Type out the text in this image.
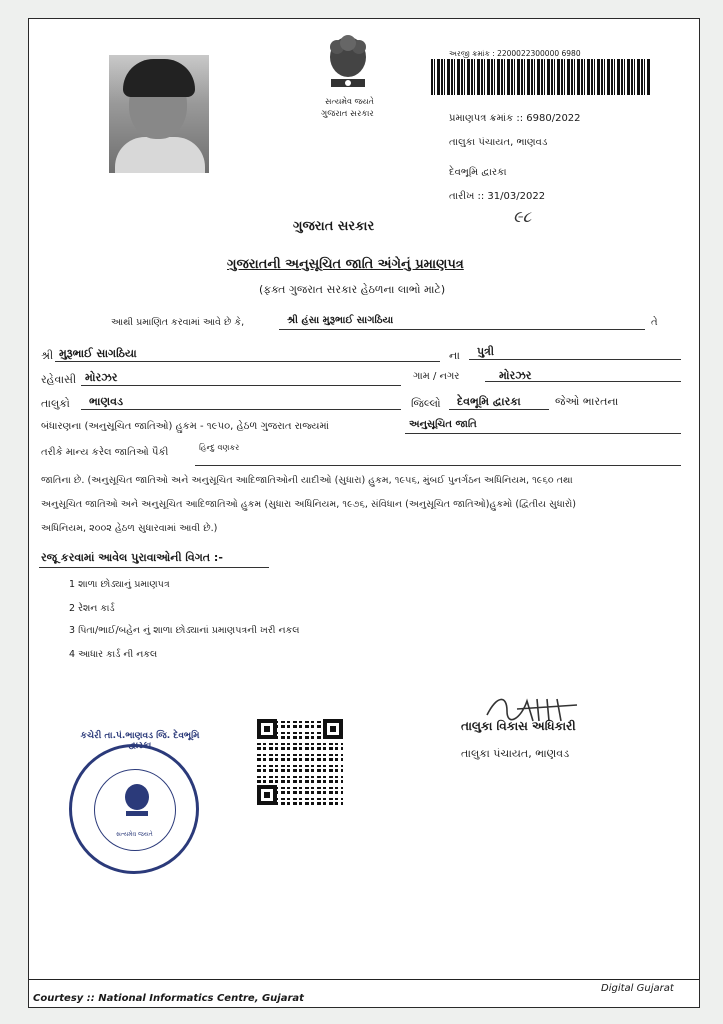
સત્યમેવ જયતે
ગુજરાત સરકાર
અરજી ક્રમાંક : 2200022300000 6980
પ્રમાણપત્ર ક્રમાંક :: 6980/2022
તાલુકા પંચાયત, ભાણવડ
દેવભૂમિ દ્વારકા
તારીખ :: 31/03/2022
૯૮
ગુજરાત સરકાર
ગુજરાતની અનુસૂચિત જાતિ અંગેનું પ્રમાણપત્ર
(ફક્ત ગુજરાત સરકાર હેઠળના લાભો માટે)
આથી પ્રમાણિત કરવામાં આવે છે કે,	શ્રી હંસા મુરૂભાઈ સાગઠિયા	તે
શ્રી મુરૂભાઈ સાગઠિયા	ના પુત્રી
રહેવાસી મોરઝર	ગામ / નગર	મોરઝર
તાલુકો ભાણવડ	જિલ્લો દેવભૂમિ દ્વારકા	જેઓ ભારતના
બંધારણના (અનુસૂચિત જાતિઓ) હુકમ - ૧૯૫૦, હેઠળ ગુજરાત રાજ્યમાં	અનુસૂચિત જાતિ
તરીકે માન્ય કરેલ જાતિઓ પૈકી	હિન્દુ વણકર
જાતિના છે. (અનુસૂચિત જાતિઓ અને અનુસૂચિત આદિજાતિઓની યાદીઓ (સુધારા) હુકમ, ૧૯૫૬, મુંબઈ પુનર્ગઠન અધિનિયમ, ૧૯૬૦ તથા
અનુસૂચિત જાતિઓ અને અનુસૂચિત આદિજાતિઓ હુકમ (સુધારા અધિનિયમ, ૧૯૭૬, સંવિધાન (અનુસૂચિત જાતિઓ)હુકમો (દ્વિતીય સુધારો)
અધિનિયમ, ૨૦૦૨ હેઠળ સુધારવામાં આવી છે.)
રજૂ કરવામાં આવેલ પુરાવાઓની વિગત :-
1 શાળા છોડ્યાનું પ્રમાણપત્ર
2 રેશન કાર્ડ
3 પિતા/ભાઈ/બહેન નું શાળા છોડ્યાનાં પ્રમાણપત્રની ખરી નકલ
4 આધાર કાર્ડ ની નકલ
તાલુકા વિકાસ અધિકારી
તાલુકા પંચાયત, ભાણવડ
સત્યમેવ જયતે
કચેરી તા.પં.ભાણવડ જિ. દેવભૂમિ દ્વારકા
Courtesy :: National Informatics Centre, Gujarat
Digital Gujarat
